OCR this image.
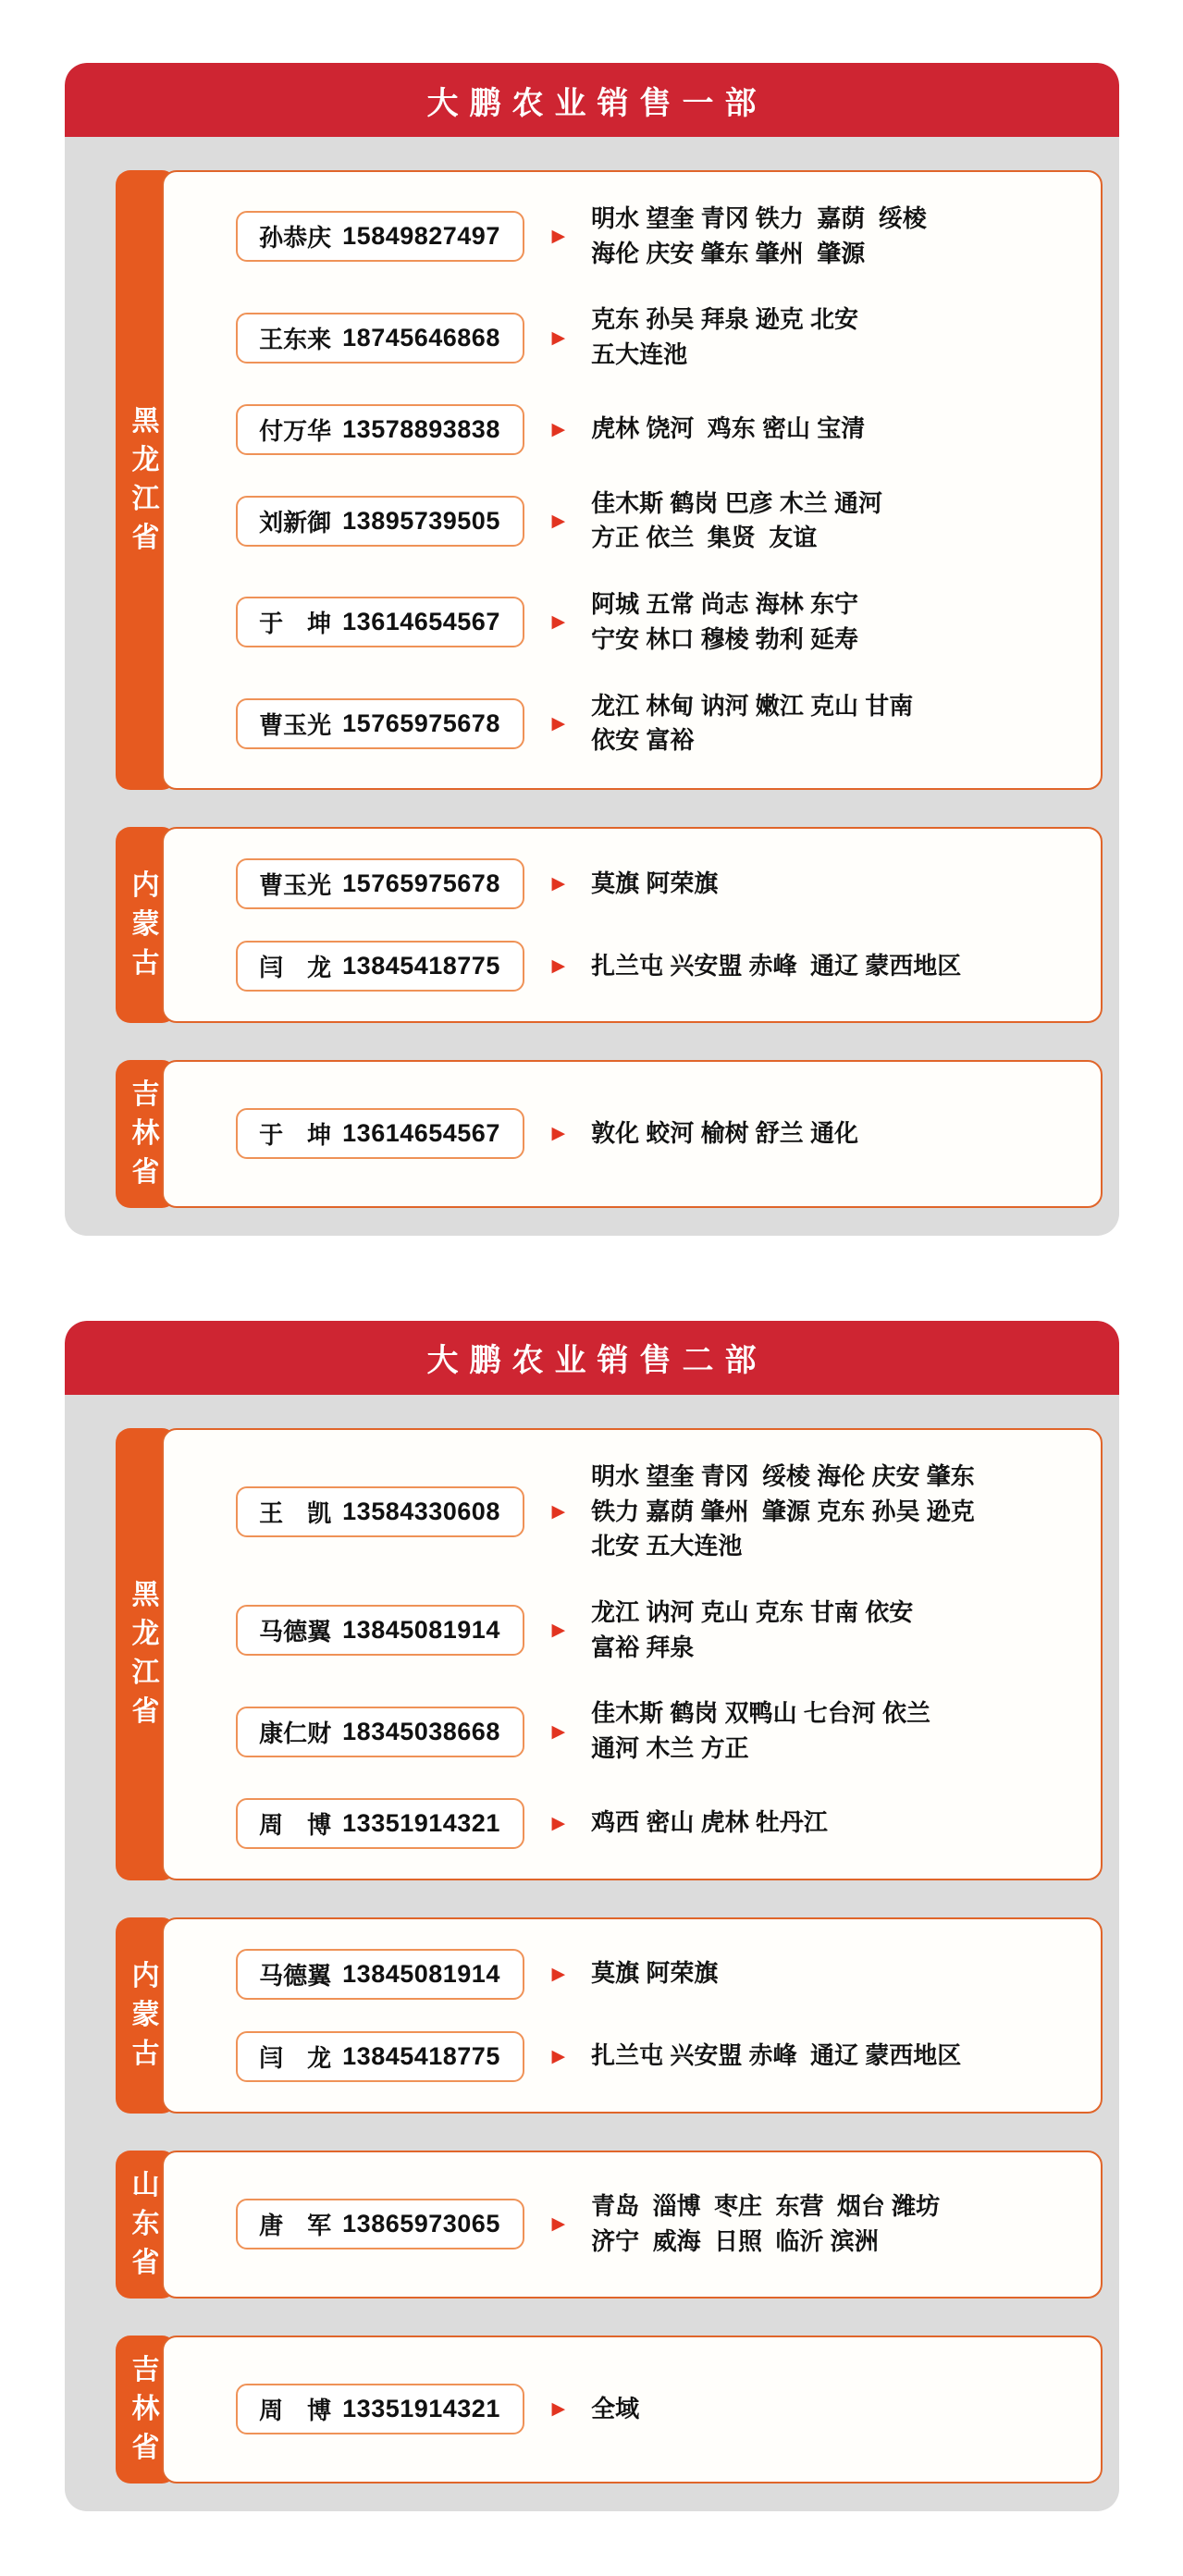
大鹏农业销售一部
黑龙江省
孙恭庆 15849827497	▶
明水 望奎 青冈 铁力  嘉荫  绥棱
海伦 庆安 肇东 肇州  肇源
王东来 18745646868	▶
克东 孙吴 拜泉 逊克 北安
五大连池
付万华 13578893838	▶ 虎林 饶河  鸡东 密山 宝清
刘新御 13895739505	▶
佳木斯 鹤岗 巴彦 木兰 通河
方正 依兰  集贤  友谊
于　坤 13614654567	▶
阿城 五常 尚志 海林 东宁
宁安 林口 穆棱 勃利 延寿
曹玉光 15765975678	▶
龙江 林甸 讷河 嫩江 克山 甘南
依安 富裕
内蒙古
曹玉光 15765975678	▶ 莫旗 阿荣旗
闫　龙 13845418775	▶ 扎兰屯 兴安盟 赤峰  通辽 蒙西地区
吉林省
于　坤 13614654567	▶ 敦化 蛟河 榆树 舒兰 通化
大鹏农业销售二部
黑龙江省
王　凯 13584330608	▶
明水 望奎 青冈  绥棱 海伦 庆安 肇东
铁力 嘉荫 肇州  肇源 克东 孙吴 逊克
北安 五大连池
马德翼 13845081914	▶
龙江 讷河 克山 克东 甘南 依安
富裕 拜泉
康仁财 18345038668	▶
佳木斯 鹤岗 双鸭山 七台河 依兰
通河 木兰 方正
周　博 13351914321	▶ 鸡西 密山 虎林 牡丹江
内蒙古
马德翼 13845081914	▶ 莫旗 阿荣旗
闫　龙 13845418775	▶ 扎兰屯 兴安盟 赤峰  通辽 蒙西地区
山东省
唐　军 13865973065	▶
青岛  淄博  枣庄  东营  烟台 潍坊
济宁  威海  日照  临沂 滨洲
吉林省
周　博 13351914321	▶ 全域
